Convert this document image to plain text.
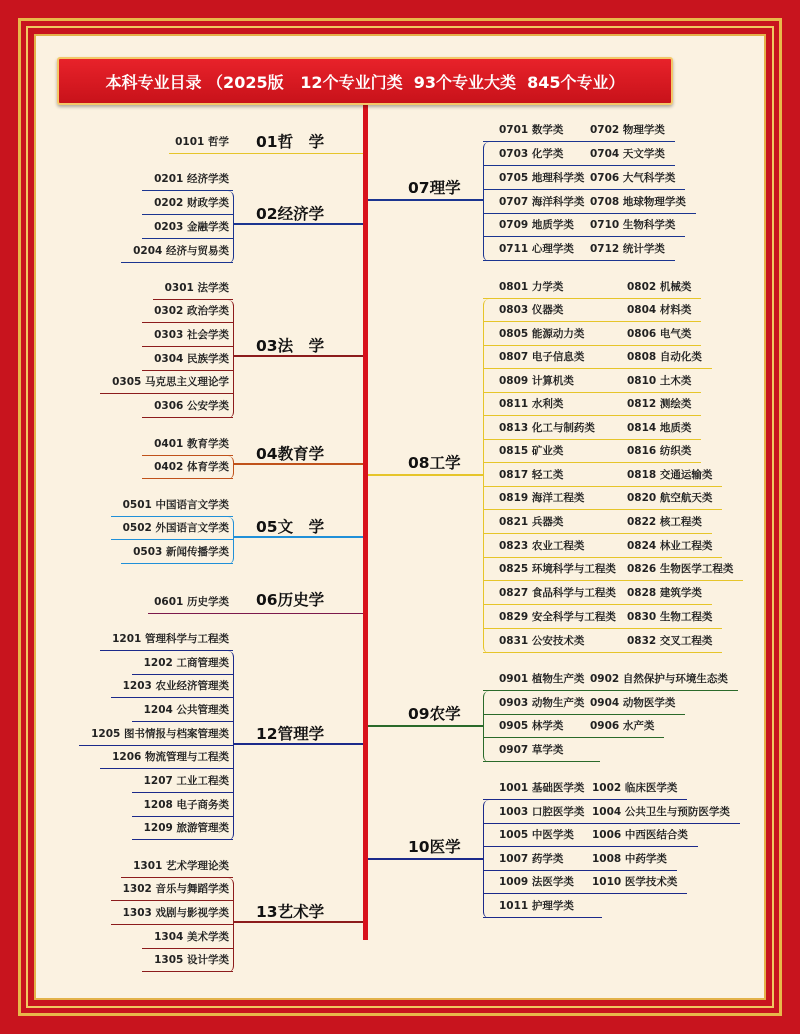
本科专业目录 （2025版   12个专业门类  93个专业大类  845个专业）
01哲　学
0101 哲学
02经济学
0201 经济学类
0202 财政学类
0203 金融学类
0204 经济与贸易类
03法　学
0301 法学类
0302 政治学类
0303 社会学类
0304 民族学类
0305 马克思主义理论学
0306 公安学类
04教育学
0401 教育学类
0402 体育学类
05文　学
0501 中国语言文学类
0502 外国语言文学类
0503 新闻传播学类
06历史学
0601 历史学类
12管理学
1201 管理科学与工程类
1202 工商管理类
1203 农业经济管理类
1204 公共管理类
1205 图书情报与档案管理类
1206 物流管理与工程类
1207 工业工程类
1208 电子商务类
1209 旅游管理类
13艺术学
1301 艺术学理论类
1302 音乐与舞蹈学类
1303 戏剧与影视学类
1304 美术学类
1305 设计学类
07理学
0701 数学类	0702 物理学类
0703 化学类	0704 天文学类
0705 地理科学类 0706 大气科学类
0707 海洋科学类 0708 地球物理学类
0709 地质学类	0710 生物科学类
0711 心理学类	0712 统计学类
08工学
0801 力学类	0802 机械类
0803 仪器类	0804 材料类
0805 能源动力类	0806 电气类
0807 电子信息类	0808 自动化类
0809 计算机类	0810 土木类
0811 水利类	0812 测绘类
0813 化工与制药类	0814 地质类
0815 矿业类	0816 纺织类
0817 轻工类	0818 交通运输类
0819 海洋工程类	0820 航空航天类
0821 兵器类	0822 核工程类
0823 农业工程类	0824 林业工程类
0825 环境科学与工程类	0826 生物医学工程类
0827 食品科学与工程类	0828 建筑学类
0829 安全科学与工程类	0830 生物工程类
0831 公安技术类	0832 交叉工程类
09农学
0901 植物生产类 0902 自然保护与环境生态类
0903 动物生产类 0904 动物医学类
0905 林学类	0906 水产类
0907 草学类
10医学
1001 基础医学类 1002 临床医学类
1003 口腔医学类 1004 公共卫生与预防医学类
1005 中医学类	1006 中西医结合类
1007 药学类	1008 中药学类
1009 法医学类	1010 医学技术类
1011 护理学类
